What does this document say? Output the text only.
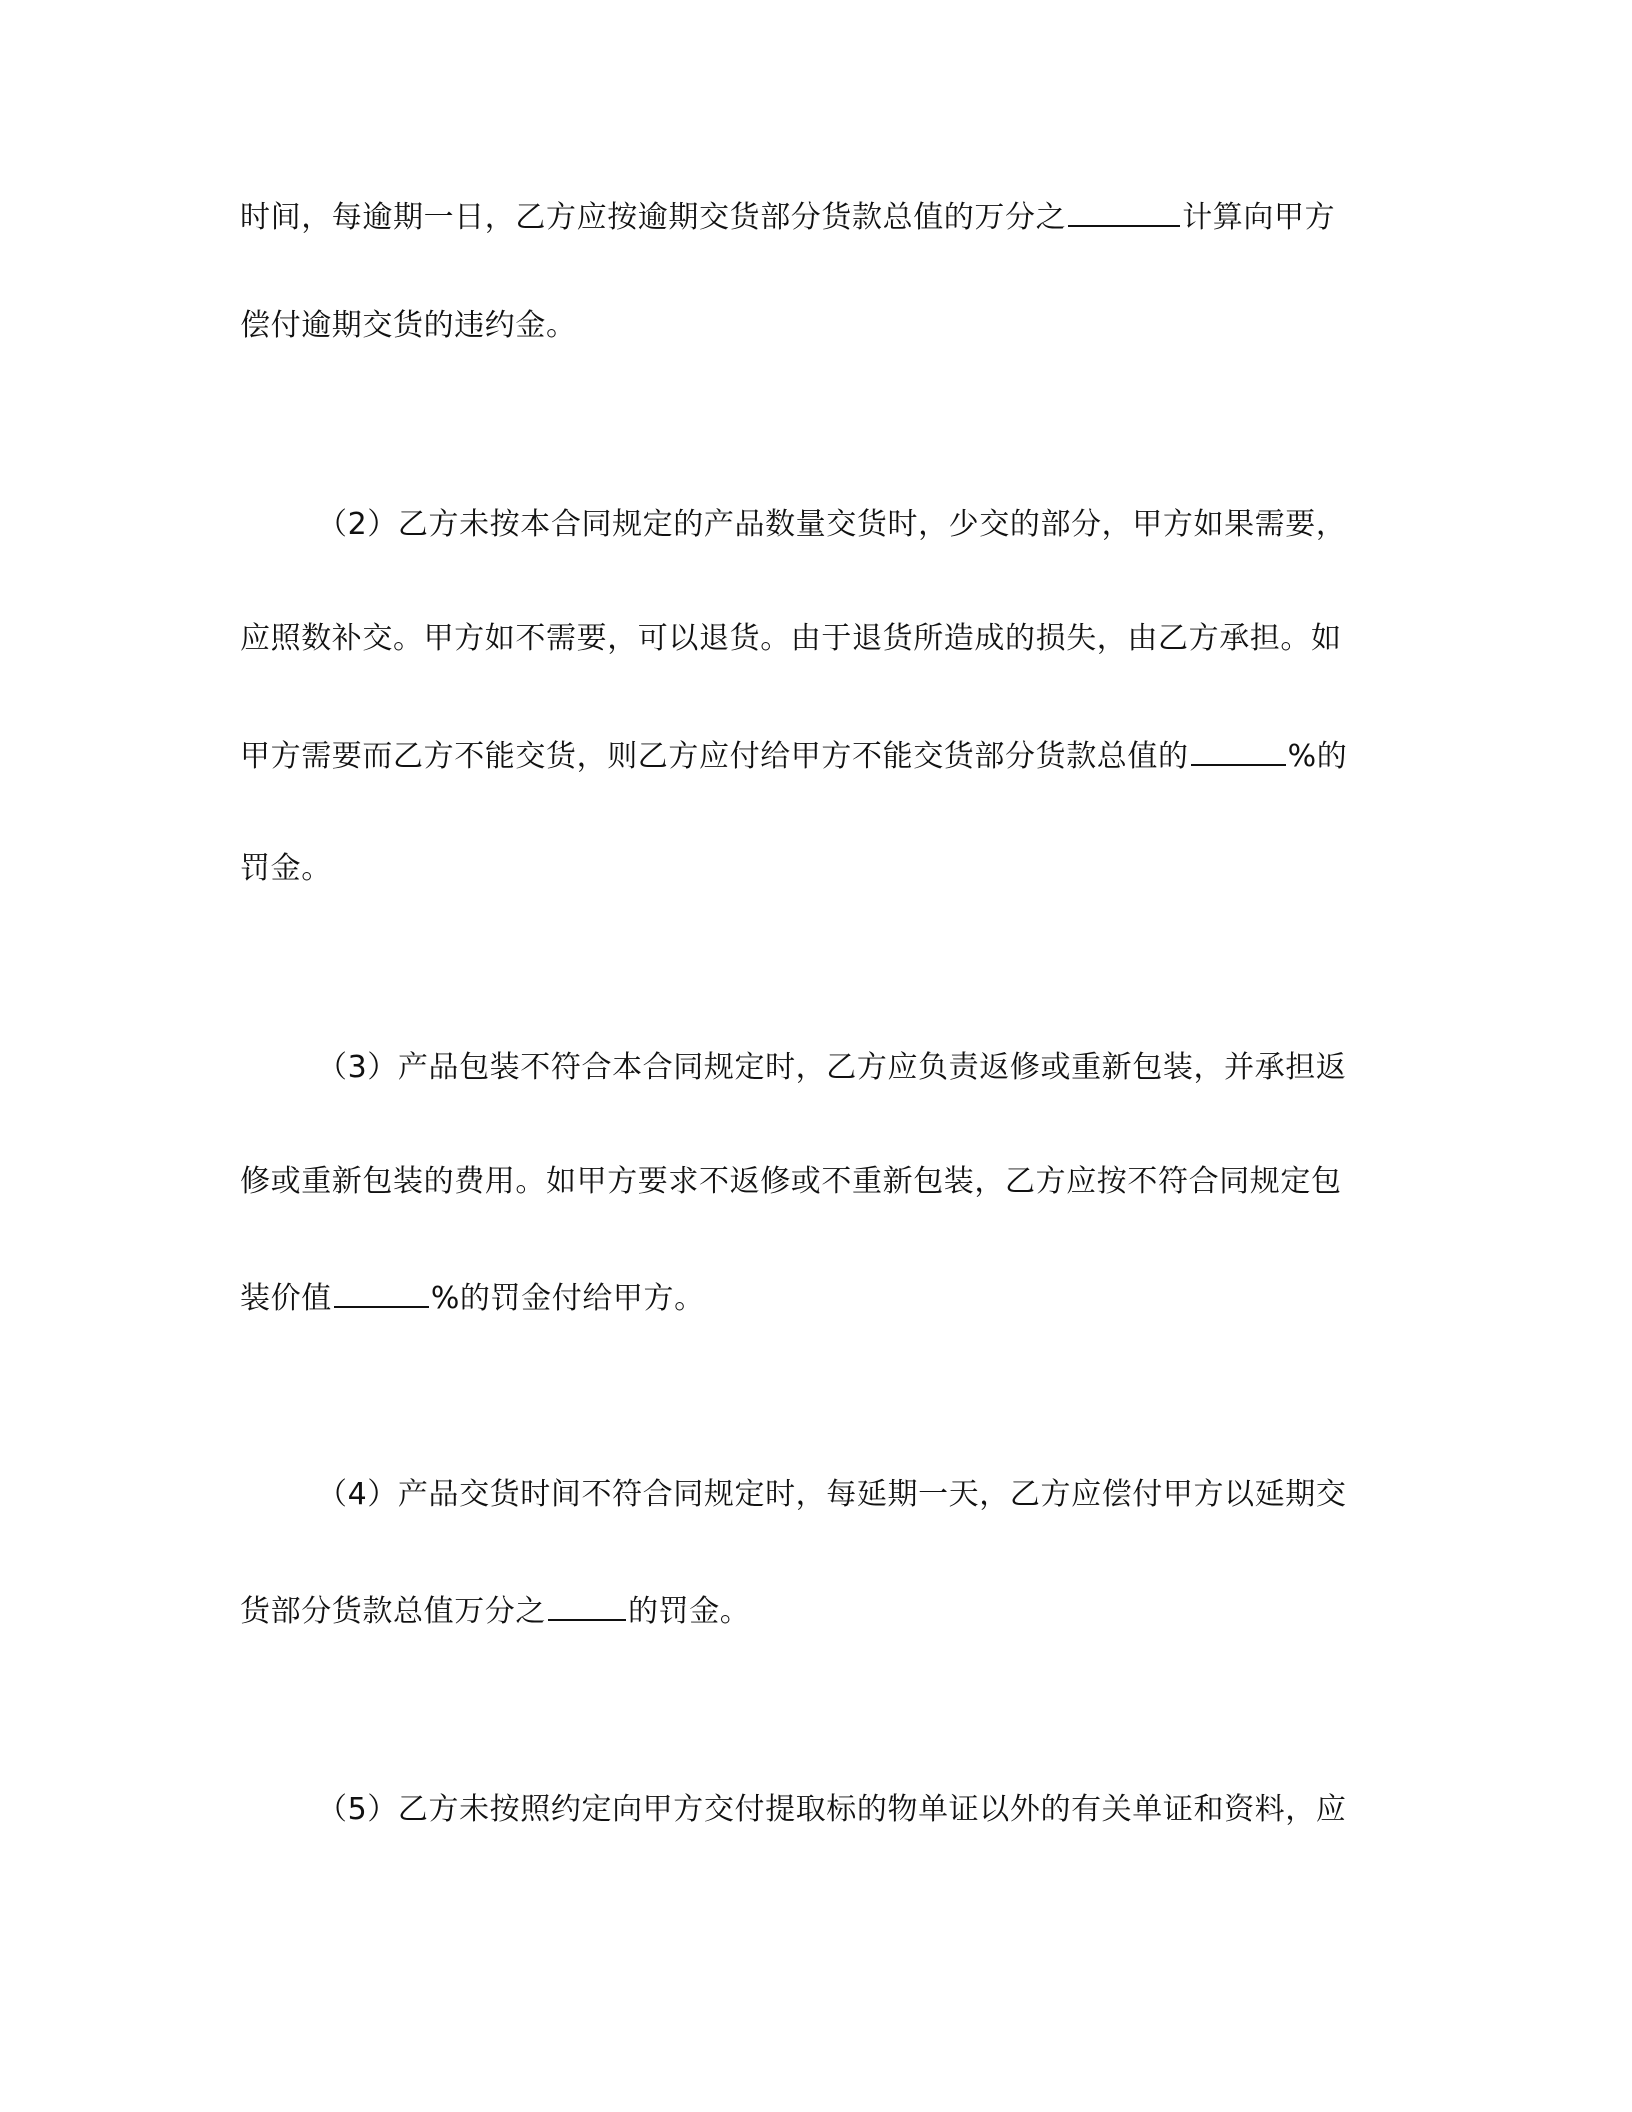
时间，每逾期一日，乙方应按逾期交货部分货款总值的万分之	计算向甲方
偿付逾期交货的违约金。
（2）乙方未按本合同规定的产品数量交货时，少交的部分，甲方如果需要，
应照数补交。甲方如不需要，可以退货。由于退货所造成的损失，由乙方承担。如
甲方需要而乙方不能交货，则乙方应付给甲方不能交货部分货款总值的	%的
罚金。
（3）产品包装不符合本合同规定时，乙方应负责返修或重新包装，并承担返
修或重新包装的费用。如甲方要求不返修或不重新包装，乙方应按不符合同规定包
装价值	%的罚金付给甲方。
（4）产品交货时间不符合同规定时，每延期一天，乙方应偿付甲方以延期交
货部分货款总值万分之	的罚金。
（5）乙方未按照约定向甲方交付提取标的物单证以外的有关单证和资料，应
